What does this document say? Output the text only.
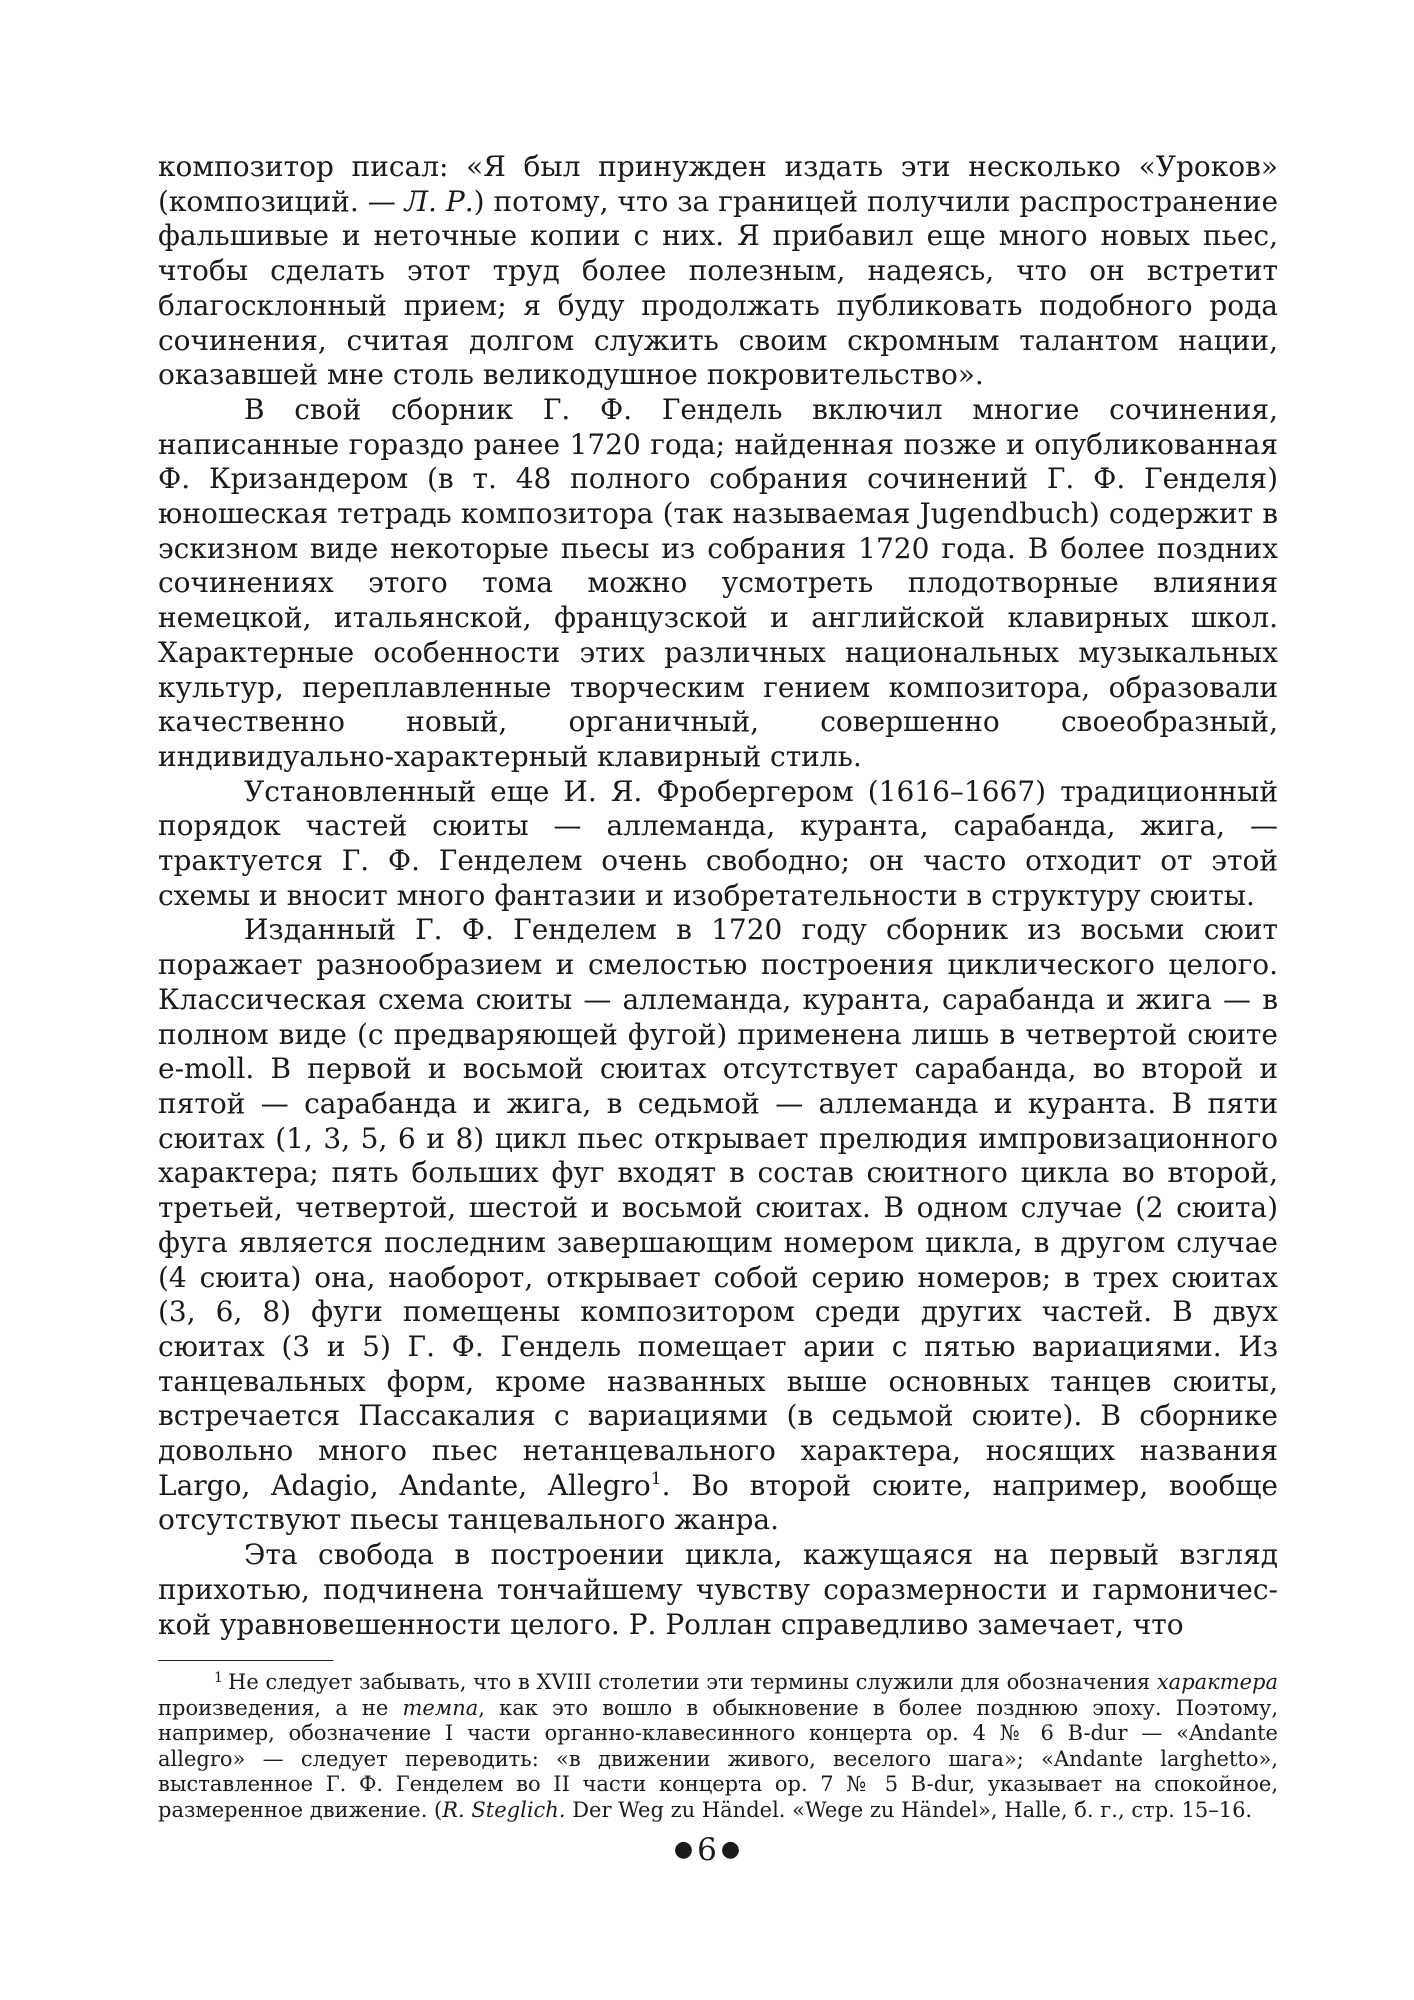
композитор писал: «Я был принужден издать эти несколько «Уроков» (композиций. — Л. Р.) потому, что за границей получили распространение фальшивые и неточные копии с них. Я прибавил еще много новых пьес, чтобы сделать этот труд более полезным, надеясь, что он встретит благосклонный прием; я буду продолжать публиковать подобного рода сочинения, считая долгом служить своим скромным талантом нации, оказавшей мне столь великодушное покровительство».

В свой сборник Г. Ф. Гендель включил многие сочинения, написанные гораздо ранее 1720 года; найденная позже и опубликованная Ф. Кризандером (в т. 48 полного собрания сочинений Г. Ф. Генделя) юношеская тетрадь композитора (так называемая Jugendbuch) содержит в эскизном виде некоторые пьесы из собрания 1720 года. В более поздних сочинениях этого тома можно усмотреть плодотворные влияния немецкой, итальянской, французской и английской клавирных школ. Характерные особенности этих различных национальных музыкальных культур, переплавленные творческим гением композитора, образовали качественно новый, органичный, совершенно своеобразный, индивидуально-характерный клавирный стиль.

Установленный еще И. Я. Фробергером (1616–1667) традиционный порядок частей сюиты — аллеманда, куранта, сарабанда, жига, — трактуется Г. Ф. Генделем очень свободно; он часто отходит от этой схемы и вносит много фантазии и изобретательности в структуру сюиты.

Изданный Г. Ф. Генделем в 1720 году сборник из восьми сюит поражает разнообразием и смелостью построения циклического целого. Классическая схема сюиты — аллеманда, куранта, сарабанда и жига — в полном виде (с предваряющей фугой) применена лишь в четвертой сюите e-moll. В первой и восьмой сюитах отсутствует сарабанда, во второй и пятой — сарабанда и жига, в седьмой — аллеманда и куранта. В пяти сюитах (1, 3, 5, 6 и 8) цикл пьес открывает прелюдия импровизационного характера; пять больших фуг входят в состав сюитного цикла во второй, третьей, четвертой, шестой и восьмой сюитах. В одном случае (2 сюита) фуга является последним завершающим номером цикла, в другом случае (4 сюита) она, наоборот, открывает собой серию номеров; в трех сюитах (3, 6, 8) фуги помещены композитором среди других частей. В двух сюитах (3 и 5) Г. Ф. Гендель помещает арии с пятью вариациями. Из танцевальных форм, кроме названных выше основных танцев сюиты, встречается Пассакалия с вариациями (в седьмой сюите). В сборнике довольно много пьес нетанцевального характера, носящих названия Largo, Adagio, Andante, Allegro$^1$. Во второй сюите, например, вообще отсутствуют пьесы танцевального жанра.

Эта свобода в построении цикла, кажущаяся на первый взгляд прихотью, подчинена тончайшему чувству соразмерности и гармонической уравновешенности целого. Р. Роллан справедливо замечает, что

1 Не следует забывать, что в XVIII столетии эти термины служили для обозначения характера произведения, а не темпа, как это вошло в обыкновение в более позднюю эпоху. Поэтому, например, обозначение I части органно-клавесинного концерта op. 4 № 6 B-dur — «Andante allegro» — следует переводить: «в движении живого, веселого шага»; «Andante larghetto», выставленное Г. Ф. Генделем во II части концерта op. 7 № 5 B-dur, указывает на спокойное, размеренное движение. (R. Steglich. Der Weg zu Händel. «Wege zu Händel», Halle, б. г., стр. 15–16.

● 6 ●
